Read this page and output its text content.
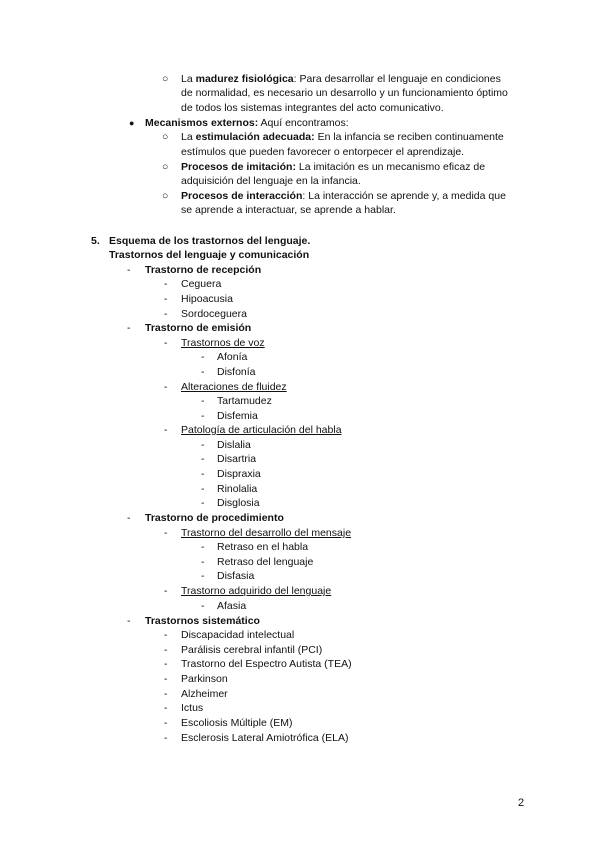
○ La madurez fisiológica: Para desarrollar el lenguaje en condiciones
de normalidad, es necesario un desarrollo y un funcionamiento óptimo
de todos los sistemas integrantes del acto comunicativo.
● Mecanismos externos: Aquí encontramos:
○ La estimulación adecuada: En la infancia se reciben continuamente
estímulos que pueden favorecer o entorpecer el aprendizaje.
○ Procesos de imitación: La imitación es un mecanismo eficaz de
adquisición del lenguaje en la infancia.
○ Procesos de interacción: La interacción se aprende y, a medida que
se aprende a interactuar, se aprende a hablar.
5. Esquema de los trastornos del lenguaje.
Trastornos del lenguaje y comunicación
- Trastorno de recepción
- Ceguera
- Hipoacusia
- Sordoceguera
- Trastorno de emisión
- Trastornos de voz
- Afonía
- Disfonía
- Alteraciones de fluidez
- Tartamudez
- Disfemia
- Patología de articulación del habla
- Dislalia
- Disartria
- Dispraxia
- Rinolalia
- Disglosia
- Trastorno de procedimiento
- Trastorno del desarrollo del mensaje
- Retraso en el habla
- Retraso del lenguaje
- Disfasia
- Trastorno adquirido del lenguaje
- Afasia
- Trastornos sistemático
- Discapacidad intelectual
- Parálisis cerebral infantil (PCI)
- Trastorno del Espectro Autista (TEA)
- Parkinson
- Alzheimer
- Ictus
- Escoliosis Múltiple (EM)
- Esclerosis Lateral Amiotrófica (ELA)
2
